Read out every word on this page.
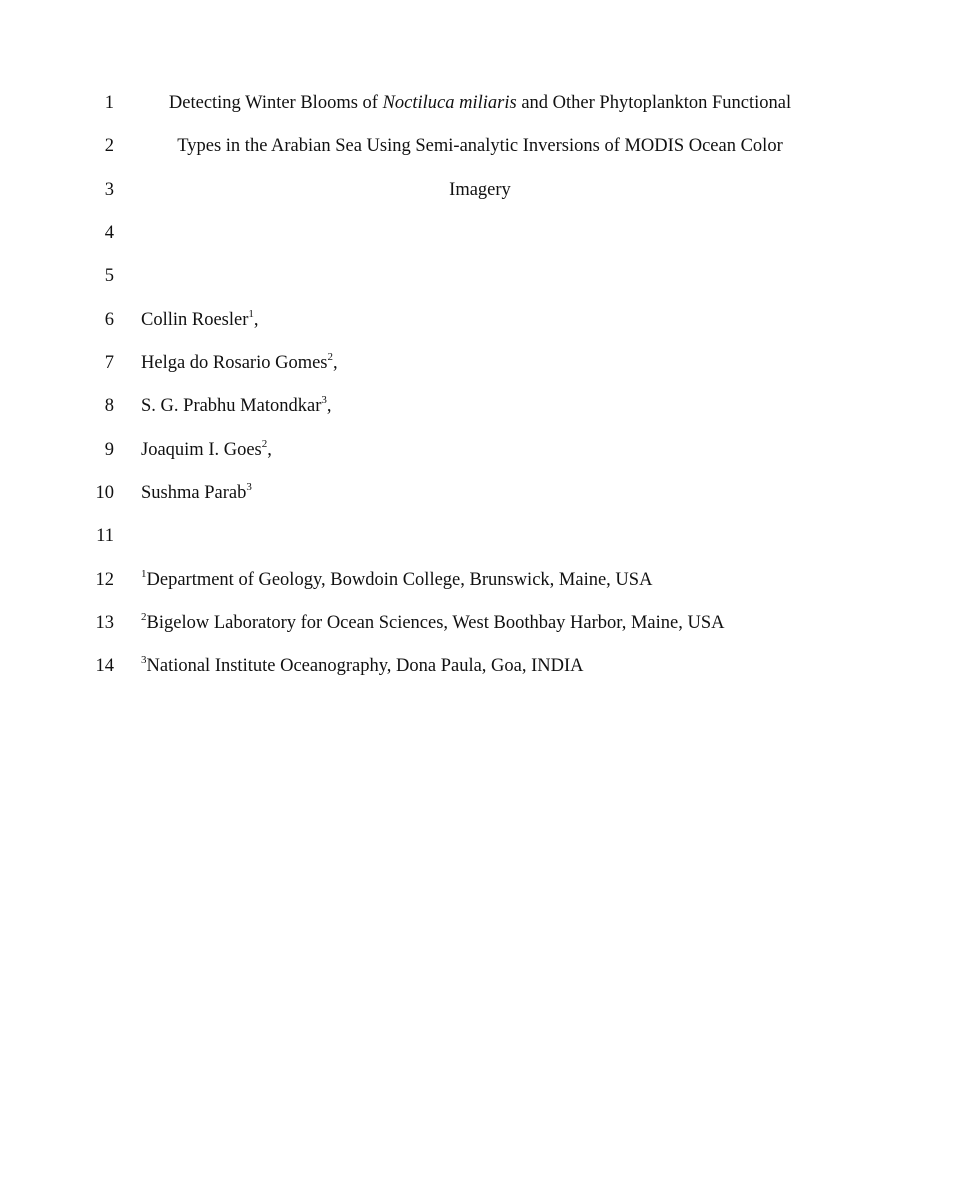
1	Detecting Winter Blooms of Noctiluca miliaris and Other Phytoplankton Functional
2	Types in the Arabian Sea Using Semi-analytic Inversions of MODIS Ocean Color
3	Imagery
4
5
6 Collin Roesler$^1$,
7 Helga do Rosario Gomes$^2$,
8 S. G. Prabhu Matondkar$^3$,
9 Joaquim I. Goes$^2$,
10 Sushma Parab$^3$
11
12 $^1$Department of Geology, Bowdoin College, Brunswick, Maine, USA
13 $^2$Bigelow Laboratory for Ocean Sciences, West Boothbay Harbor, Maine, USA
14 $^3$National Institute Oceanography, Dona Paula, Goa, INDIA
